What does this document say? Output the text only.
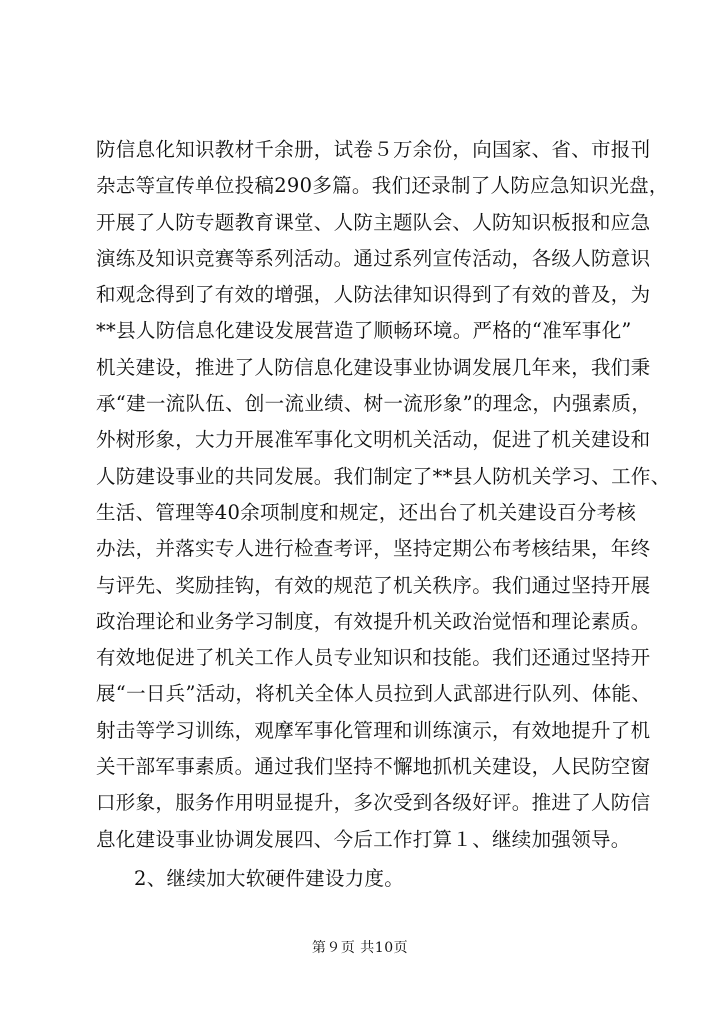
防信息化知识教材千余册，试卷５万余份，向国家、省、市报刊
杂志等宣传单位投稿290多篇。我们还录制了人防应急知识光盘，
开展了人防专题教育课堂、人防主题队会、人防知识板报和应急
演练及知识竞赛等系列活动。通过系列宣传活动，各级人防意识
和观念得到了有效的增强，人防法律知识得到了有效的普及，为
**县人防信息化建设发展营造了顺畅环境。严格的“准军事化”
机关建设，推进了人防信息化建设事业协调发展几年来，我们秉
承“建一流队伍、创一流业绩、树一流形象”的理念，内强素质，
外树形象，大力开展准军事化文明机关活动，促进了机关建设和
人防建设事业的共同发展。我们制定了**县人防机关学习、工作、
生活、管理等40余项制度和规定，还出台了机关建设百分考核
办法，并落实专人进行检查考评，坚持定期公布考核结果，年终
与评先、奖励挂钩，有效的规范了机关秩序。我们通过坚持开展
政治理论和业务学习制度，有效提升机关政治觉悟和理论素质。
有效地促进了机关工作人员专业知识和技能。我们还通过坚持开
展“一日兵”活动，将机关全体人员拉到人武部进行队列、体能、
射击等学习训练，观摩军事化管理和训练演示，有效地提升了机
关干部军事素质。通过我们坚持不懈地抓机关建设，人民防空窗
口形象，服务作用明显提升，多次受到各级好评。推进了人防信
息化建设事业协调发展四、今后工作打算１、继续加强领导。
2、继续加大软硬件建设力度。
第９页 共10页
